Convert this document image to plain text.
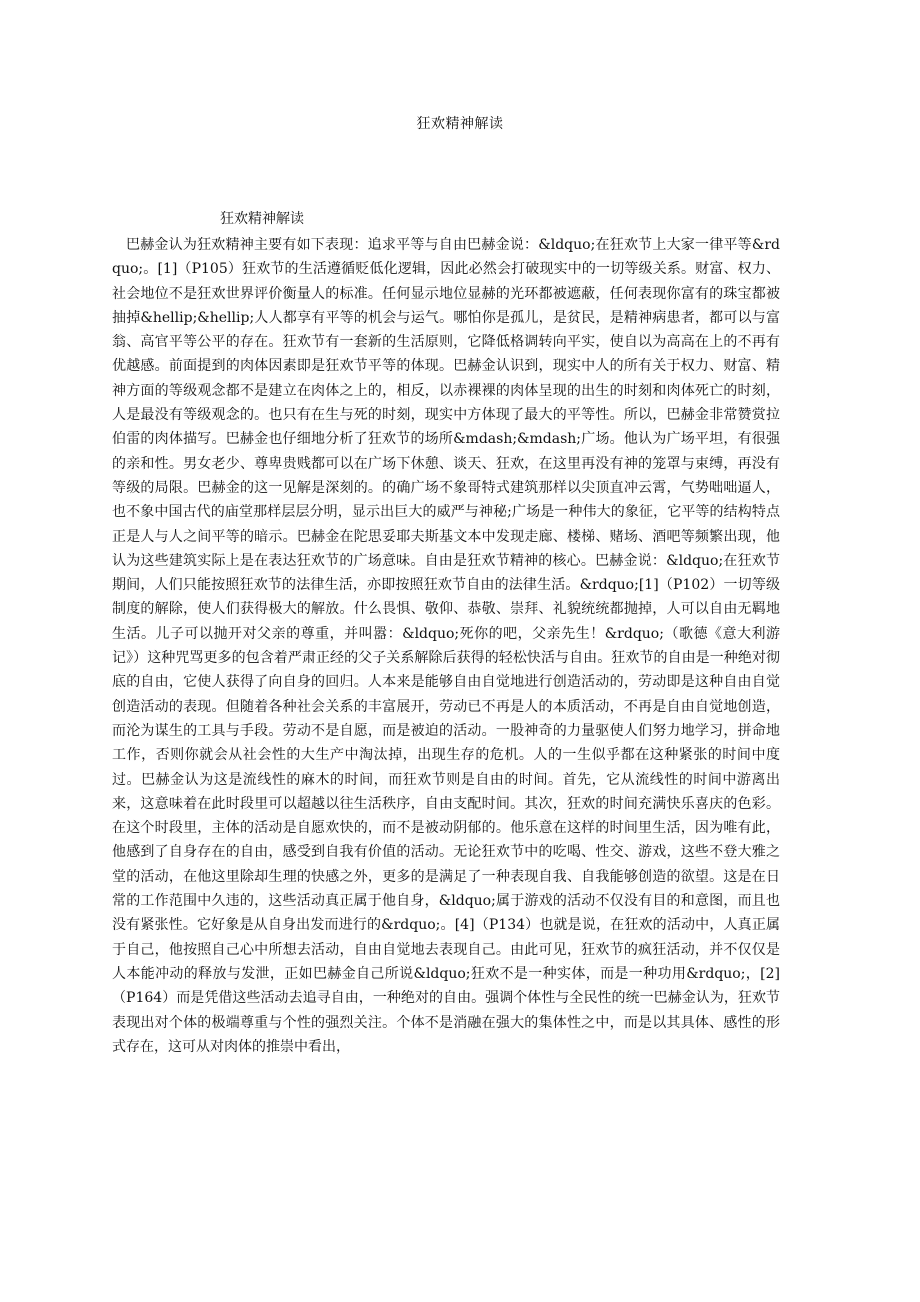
狂欢精神解读
狂欢精神解读

巴赫金认为狂欢精神主要有如下表现：追求平等与自由巴赫金说：&ldquo;在狂欢节上大家一律平等&rdquo;。[1]（P105）狂欢节的生活遵循贬低化逻辑，因此必然会打破现实中的一切等级关系。财富、权力、社会地位不是狂欢世界评价衡量人的标准。任何显示地位显赫的光环都被遮蔽，任何表现你富有的珠宝都被抽掉&hellip;&hellip;人人都享有平等的机会与运气。哪怕你是孤儿，是贫民，是精神病患者，都可以与富翁、高官平等公平的存在。狂欢节有一套新的生活原则，它降低格调转向平实，使自以为高高在上的不再有优越感。前面提到的肉体因素即是狂欢节平等的体现。巴赫金认识到，现实中人的所有关于权力、财富、精神方面的等级观念都不是建立在肉体之上的，相反，以赤裸裸的肉体呈现的出生的时刻和肉体死亡的时刻，人是最没有等级观念的。也只有在生与死的时刻，现实中方体现了最大的平等性。所以，巴赫金非常赞赏拉伯雷的肉体描写。巴赫金也仔细地分析了狂欢节的场所&mdash;&mdash;广场。他认为广场平坦，有很强的亲和性。男女老少、尊卑贵贱都可以在广场下休憩、谈天、狂欢，在这里再没有神的笼罩与束缚，再没有等级的局限。巴赫金的这一见解是深刻的。的确广场不象哥特式建筑那样以尖顶直冲云霄，气势咄咄逼人，也不象中国古代的庙堂那样层层分明，显示出巨大的威严与神秘;广场是一种伟大的象征，它平等的结构特点正是人与人之间平等的暗示。巴赫金在陀思妥耶夫斯基文本中发现走廊、楼梯、赌场、酒吧等频繁出现，他认为这些建筑实际上是在表达狂欢节的广场意味。自由是狂欢节精神的核心。巴赫金说：&ldquo;在狂欢节期间，人们只能按照狂欢节的法律生活，亦即按照狂欢节自由的法律生活。&rdquo;[1]（P102）一切等级制度的解除，使人们获得极大的解放。什么畏惧、敬仰、恭敬、崇拜、礼貌统统都抛掉，人可以自由无羁地生活。儿子可以抛开对父亲的尊重，并叫嚣：&ldquo;死你的吧，父亲先生！&rdquo;（歌德《意大利游记》）这种咒骂更多的包含着严肃正经的父子关系解除后获得的轻松快活与自由。狂欢节的自由是一种绝对彻底的自由，它使人获得了向自身的回归。人本来是能够自由自觉地进行创造活动的，劳动即是这种自由自觉创造活动的表现。但随着各种社会关系的丰富展开，劳动已不再是人的本质活动，不再是自由自觉地创造，而沦为谋生的工具与手段。劳动不是自愿，而是被迫的活动。一股神奇的力量驱使人们努力地学习，拼命地工作，否则你就会从社会性的大生产中淘汰掉，出现生存的危机。人的一生似乎都在这种紧张的时间中度过。巴赫金认为这是流线性的麻木的时间，而狂欢节则是自由的时间。首先，它从流线性的时间中游离出来，这意味着在此时段里可以超越以往生活秩序，自由支配时间。其次，狂欢的时间充满快乐喜庆的色彩。在这个时段里，主体的活动是自愿欢快的，而不是被动阴郁的。他乐意在这样的时间里生活，因为唯有此，他感到了自身存在的自由，感受到自我有价值的活动。无论狂欢节中的吃喝、性交、游戏，这些不登大雅之堂的活动，在他这里除却生理的快感之外，更多的是满足了一种表现自我、自我能够创造的欲望。这是在日常的工作范围中久违的，这些活动真正属于他自身，&ldquo;属于游戏的活动不仅没有目的和意图，而且也没有紧张性。它好象是从自身出发而进行的&rdquo;。[4]（P134）也就是说，在狂欢的活动中，人真正属于自己，他按照自己心中所想去活动，自由自觉地去表现自己。由此可见，狂欢节的疯狂活动，并不仅仅是人本能冲动的释放与发泄，正如巴赫金自己所说&ldquo;狂欢不是一种实体，而是一种功用&rdquo;，[2]（P164）而是凭借这些活动去追寻自由，一种绝对的自由。强调个体性与全民性的统一巴赫金认为，狂欢节表现出对个体的极端尊重与个性的强烈关注。个体不是消融在强大的集体性之中，而是以其具体、感性的形式存在，这可从对肉体的推崇中看出，
